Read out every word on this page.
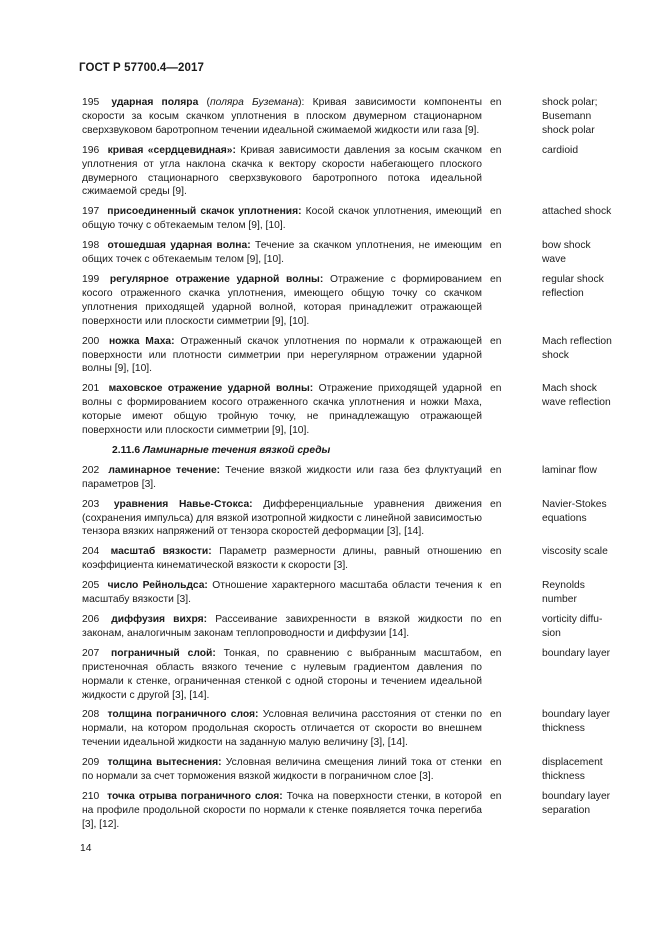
ГОСТ Р 57700.4—2017
195 ударная поляра (поляра Буземана): Кривая зависимости компоненты скорости за косым скачком уплотнения в плоском двумерном стационарном сверхзвуковом баротропном течении идеальной сжимаемой жидкости или газа [9].
en	shock polar; Busemann shock polar
196 кривая «сердцевидная»: Кривая зависимости давления за косым скачком уплотнения от угла наклона скачка к вектору скорости набегающего плоского двумерного стационарного сверхзвукового баротропного потока идеальной сжимаемой среды [9].
en	cardioid
197 присоединенный скачок уплотнения: Косой скачок уплотнения, имеющий общую точку с обтекаемым телом [9], [10].
en	attached shock
198 отошедшая ударная волна: Течение за скачком уплотнения, не имеющим общих точек с обтекаемым телом [9], [10].
en	bow shock wave
199 регулярное отражение ударной волны: Отражение с формированием косого отраженного скачка уплотнения, имеющего общую точку со скачком уплотнения приходящей ударной волной, которая принадлежит отражающей поверхности или плоскости симметрии [9], [10].
en	regular shock reflection
200 ножка Маха: Отраженный скачок уплотнения по нормали к отражающей поверхности или плотности симметрии при нерегулярном отражении ударной волны [9], [10].
en	Mach reflection shock
201 маховское отражение ударной волны: Отражение приходящей ударной волны с формированием косого отраженного скачка уплотнения и ножки Маха, которые имеют общую тройную точку, не принадлежащую отражающей поверхности или плоскости симметрии [9], [10].
en	Mach shock wave reflection
2.11.6 Ламинарные течения вязкой среды
202 ламинарное течение: Течение вязкой жидкости или газа без флуктуаций параметров [3].
en	laminar flow
203 уравнения Навье-Стокса: Дифференциальные уравнения движения (сохранения импульса) для вязкой изотропной жидкости с линейной зависимостью тензора вязких напряжений от тензора скоростей деформации [3], [14].
en	Navier-Stokes equations
204 масштаб вязкости: Параметр размерности длины, равный отношению коэффициента кинематической вязкости к скорости [3].
en	viscosity scale
205 число Рейнольдса: Отношение характерного масштаба области течения к масштабу вязкости [3].
en	Reynolds number
206 диффузия вихря: Рассеивание завихренности в вязкой жидкости по законам, аналогичным законам теплопроводности и диффузии [14].
en	vorticity diffusion
207 пограничный слой: Тонкая, по сравнению с выбранным масштабом, пристеночная область вязкого течение с нулевым градиентом давления по нормали к стенке, ограниченная стенкой с одной стороны и течением идеальной жидкости с другой [3], [14].
en	boundary layer
208 толщина пограничного слоя: Условная величина расстояния от стенки по нормали, на котором продольная скорость отличается от скорости во внешнем течении идеальной жидкости на заданную малую величину [3], [14].
en	boundary layer thickness
209 толщина вытеснения: Условная величина смещения линий тока от стенки по нормали за счет торможения вязкой жидкости в пограничном слое [3].
en	displacement thickness
210 точка отрыва пограничного слоя: Точка на поверхности стенки, в которой на профиле продольной скорости по нормали к стенке появляется точка перегиба [3], [12].
en	boundary layer separation
14
